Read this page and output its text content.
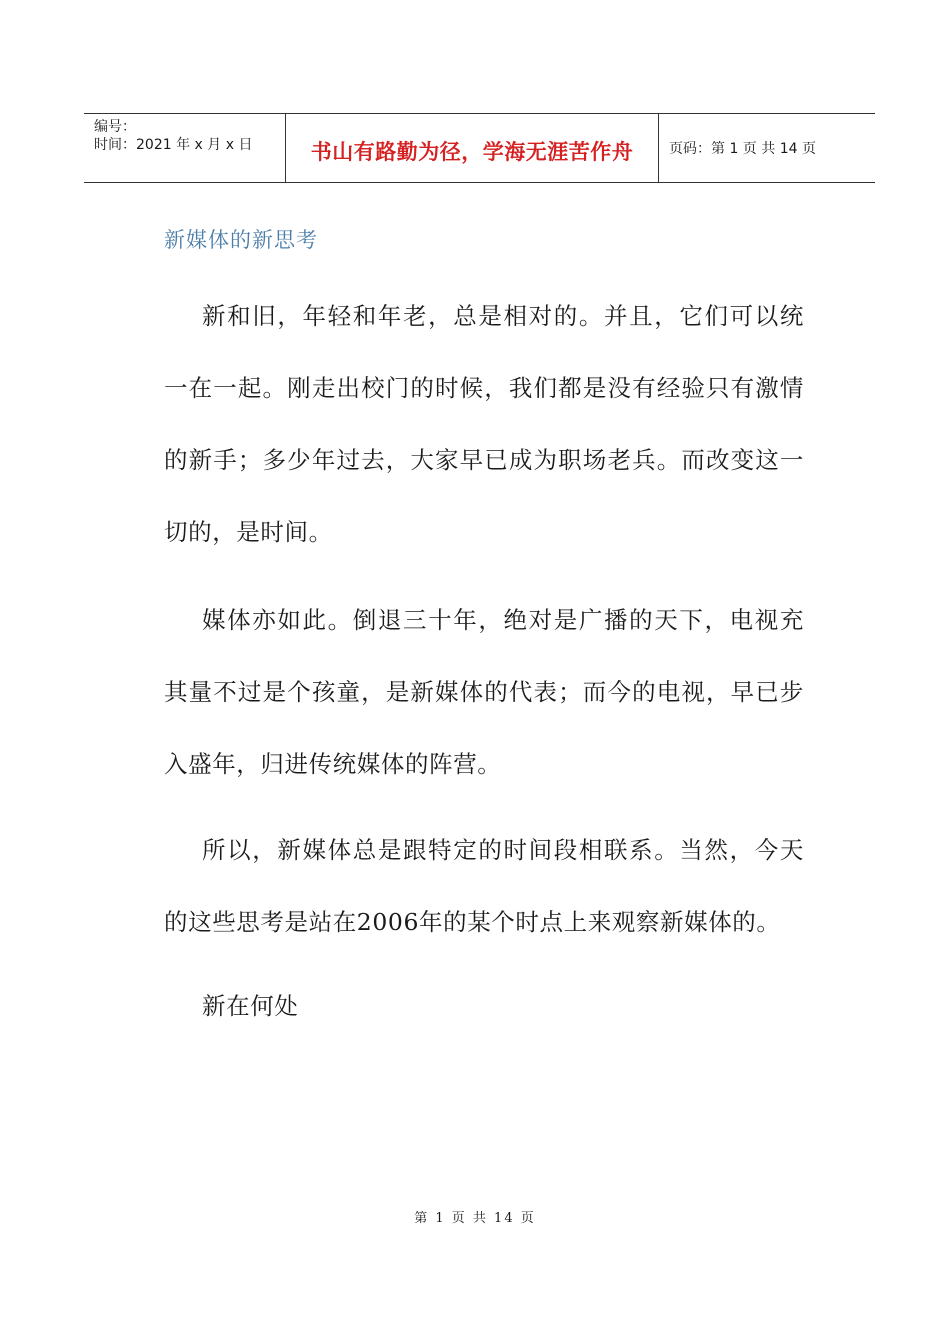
编号：
时间：2021 年 x 月 x 日	书山有路勤为径，学海无涯苦作舟	页码：第 1 页 共 14 页
新媒体的新思考

新和旧，年轻和年老，总是相对的。并且，它们可以统一在一起。刚走出校门的时候，我们都是没有经验只有激情的新手；多少年过去，大家早已成为职场老兵。而改变这一切的，是时间。

媒体亦如此。倒退三十年，绝对是广播的天下，电视充其量不过是个孩童，是新媒体的代表；而今的电视，早已步入盛年，归进传统媒体的阵营。

所以，新媒体总是跟特定的时间段相联系。当然，今天的这些思考是站在2006年的某个时点上来观察新媒体的。

新在何处

第 1 页 共 14 页
